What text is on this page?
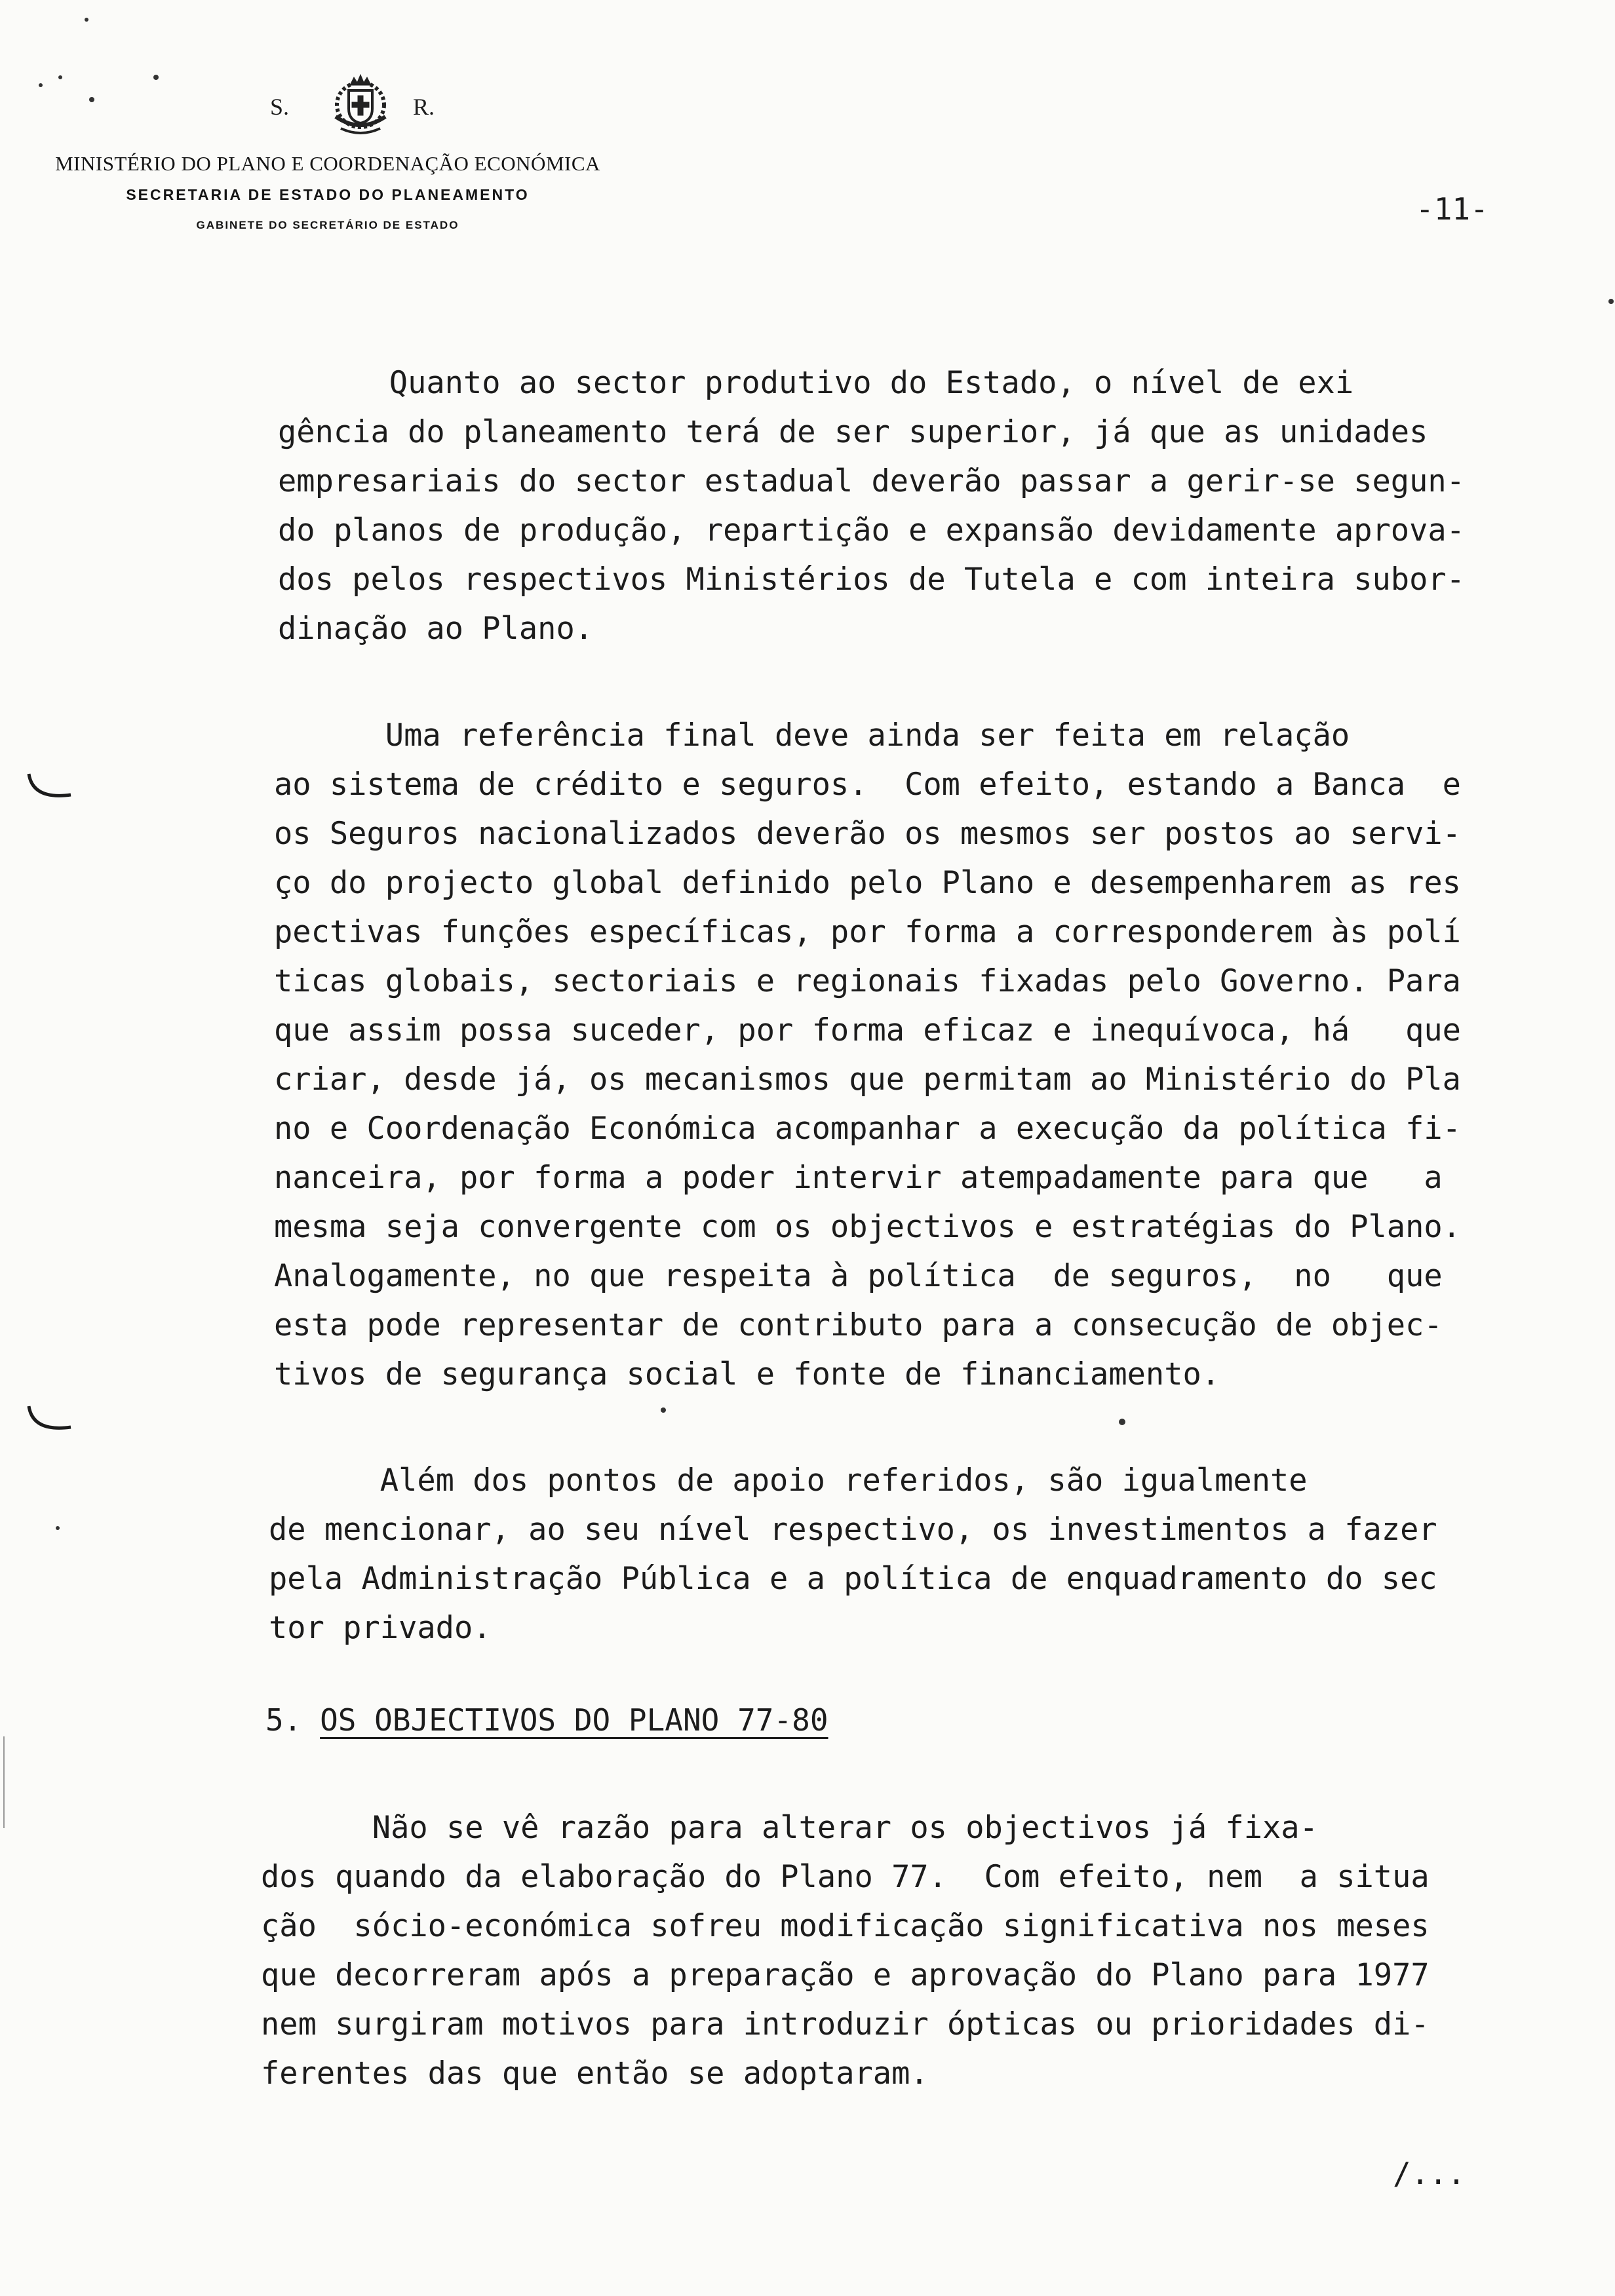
S.	R.
MINISTÉRIO DO PLANO E COORDENAÇÃO ECONÓMICA
SECRETARIA DE ESTADO DO PLANEAMENTO
GABINETE DO SECRETÁRIO DE ESTADO	-11-
Quanto ao sector produtivo do Estado, o nível de exi
gência do planeamento terá de ser superior, já que as unidades
empresariais do sector estadual deverão passar a gerir-se segun-
do planos de produção, repartição e expansão devidamente aprova-
dos pelos respectivos Ministérios de Tutela e com inteira subor-
dinação ao Plano.
Uma referência final deve ainda ser feita em relação
ao sistema de crédito e seguros.  Com efeito, estando a Banca  e
os Seguros nacionalizados deverão os mesmos ser postos ao servi-
ço do projecto global definido pelo Plano e desempenharem as res
pectivas funções específicas, por forma a corresponderem às polí
ticas globais, sectoriais e regionais fixadas pelo Governo. Para
que assim possa suceder, por forma eficaz e inequívoca, há   que
criar, desde já, os mecanismos que permitam ao Ministério do Pla
no e Coordenação Económica acompanhar a execução da política fi-
nanceira, por forma a poder intervir atempadamente para que   a
mesma seja convergente com os objectivos e estratégias do Plano.
Analogamente, no que respeita à política  de seguros,  no   que
esta pode representar de contributo para a consecução de objec-
tivos de segurança social e fonte de financiamento.
Além dos pontos de apoio referidos, são igualmente
de mencionar, ao seu nível respectivo, os investimentos a fazer
pela Administração Pública e a política de enquadramento do sec
tor privado.
5. OS OBJECTIVOS DO PLANO 77-80
Não se vê razão para alterar os objectivos já fixa-
dos quando da elaboração do Plano 77.  Com efeito, nem  a situa
ção  sócio-económica sofreu modificação significativa nos meses
que decorreram após a preparação e aprovação do Plano para 1977
nem surgiram motivos para introduzir ópticas ou prioridades di-
ferentes das que então se adoptaram.
/...
